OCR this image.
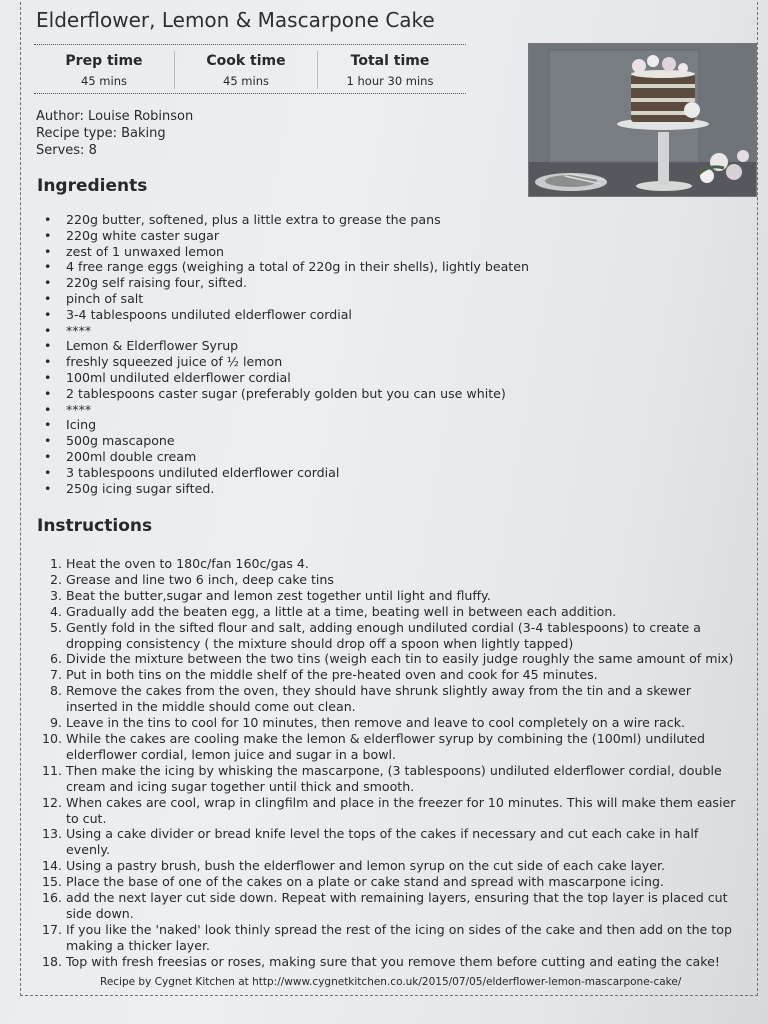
Elderflower, Lemon & Mascarpone Cake
Prep time
45 mins
Cook time
45 mins
Total time
1 hour 30 mins
Author: Louise Robinson
Recipe type: Baking
Serves: 8
Ingredients
• 220g butter, softened, plus a little extra to grease the pans
• 220g white caster sugar
• zest of 1 unwaxed lemon
• 4 free range eggs (weighing a total of 220g in their shells), lightly beaten
• 220g self raising four, sifted.
• pinch of salt
• 3-4 tablespoons undiluted elderflower cordial
• ****
• Lemon & Elderflower Syrup
• freshly squeezed juice of ½ lemon
• 100ml undiluted elderflower cordial
• 2 tablespoons caster sugar (preferably golden but you can use white)
• ****
• Icing
• 500g mascapone
• 200ml double cream
• 3 tablespoons undiluted elderflower cordial
• 250g icing sugar sifted.
Instructions
1. Heat the oven to 180c/fan 160c/gas 4.
2. Grease and line two 6 inch, deep cake tins
3. Beat the butter,sugar and lemon zest together until light and fluffy.
4. Gradually add the beaten egg, a little at a time, beating well in between each addition.
5. Gently fold in the sifted flour and salt, adding enough undiluted cordial (3-4 tablespoons) to create a dropping consistency ( the mixture should drop off a spoon when lightly tapped)
6. Divide the mixture between the two tins (weigh each tin to easily judge roughly the same amount of mix)
7. Put in both tins on the middle shelf of the pre-heated oven and cook for 45 minutes.
8. Remove the cakes from the oven, they should have shrunk slightly away from the tin and a skewer inserted in the middle should come out clean.
9. Leave in the tins to cool for 10 minutes, then remove and leave to cool completely on a wire rack.
10. While the cakes are cooling make the lemon & elderflower syrup by combining the (100ml) undiluted elderflower cordial, lemon juice and sugar in a bowl.
11. Then make the icing by whisking the mascarpone, (3 tablespoons) undiluted elderflower cordial, double cream and icing sugar together until thick and smooth.
12. When cakes are cool, wrap in clingfilm and place in the freezer for 10 minutes. This will make them easier to cut.
13. Using a cake divider or bread knife level the tops of the cakes if necessary and cut each cake in half evenly.
14. Using a pastry brush, bush the elderflower and lemon syrup on the cut side of each cake layer.
15. Place the base of one of the cakes on a plate or cake stand and spread with mascarpone icing.
16. add the next layer cut side down. Repeat with remaining layers, ensuring that the top layer is placed cut side down.
17. If you like the 'naked' look thinly spread the rest of the icing on sides of the cake and then add on the top making a thicker layer.
18. Top with fresh freesias or roses, making sure that you remove them before cutting and eating the cake!
Recipe by Cygnet Kitchen at http://www.cygnetkitchen.co.uk/2015/07/05/elderflower-lemon-mascarpone-cake/
